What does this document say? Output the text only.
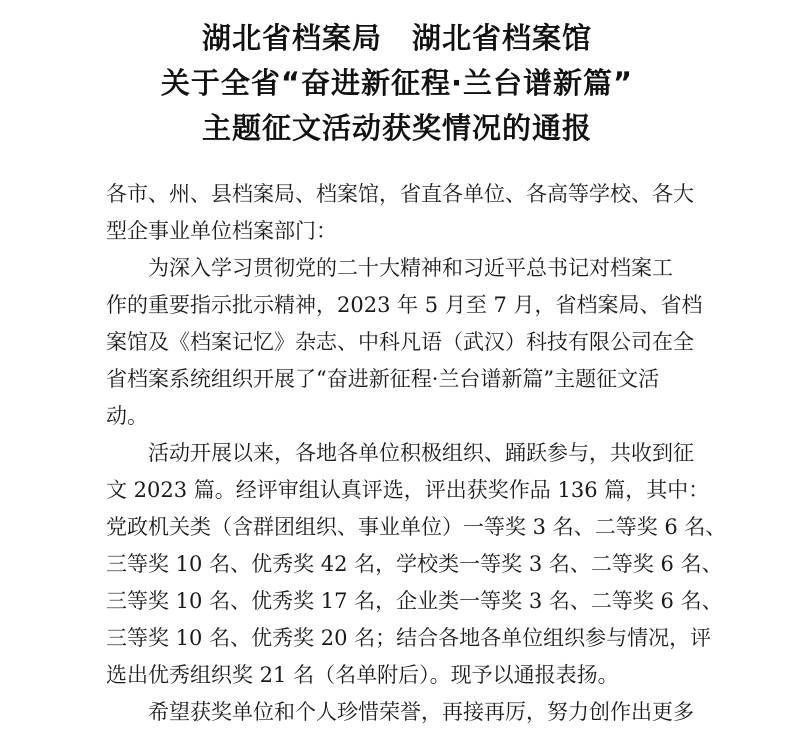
湖北省档案局　湖北省档案馆
关于全省“奋进新征程·兰台谱新篇”
主题征文活动获奖情况的通报
各市、州、县档案局、档案馆，省直各单位、各高等学校、各大
型企事业单位档案部门：
为深入学习贯彻党的二十大精神和习近平总书记对档案工
作的重要指示批示精神，2023 年 5 月至 7 月，省档案局、省档
案馆及《档案记忆》杂志、中科凡语（武汉）科技有限公司在全
省档案系统组织开展了“奋进新征程·兰台谱新篇”主题征文活
动。
活动开展以来，各地各单位积极组织、踊跃参与，共收到征
文 2023 篇。经评审组认真评选，评出获奖作品 136 篇，其中：
党政机关类（含群团组织、事业单位）一等奖 3 名、二等奖 6 名、
三等奖 10 名、优秀奖 42 名，学校类一等奖 3 名、二等奖 6 名、
三等奖 10 名、优秀奖 17 名，企业类一等奖 3 名、二等奖 6 名、
三等奖 10 名、优秀奖 20 名；结合各地各单位组织参与情况，评
选出优秀组织奖 21 名（名单附后）。现予以通报表扬。
希望获奖单位和个人珍惜荣誉，再接再厉，努力创作出更多
